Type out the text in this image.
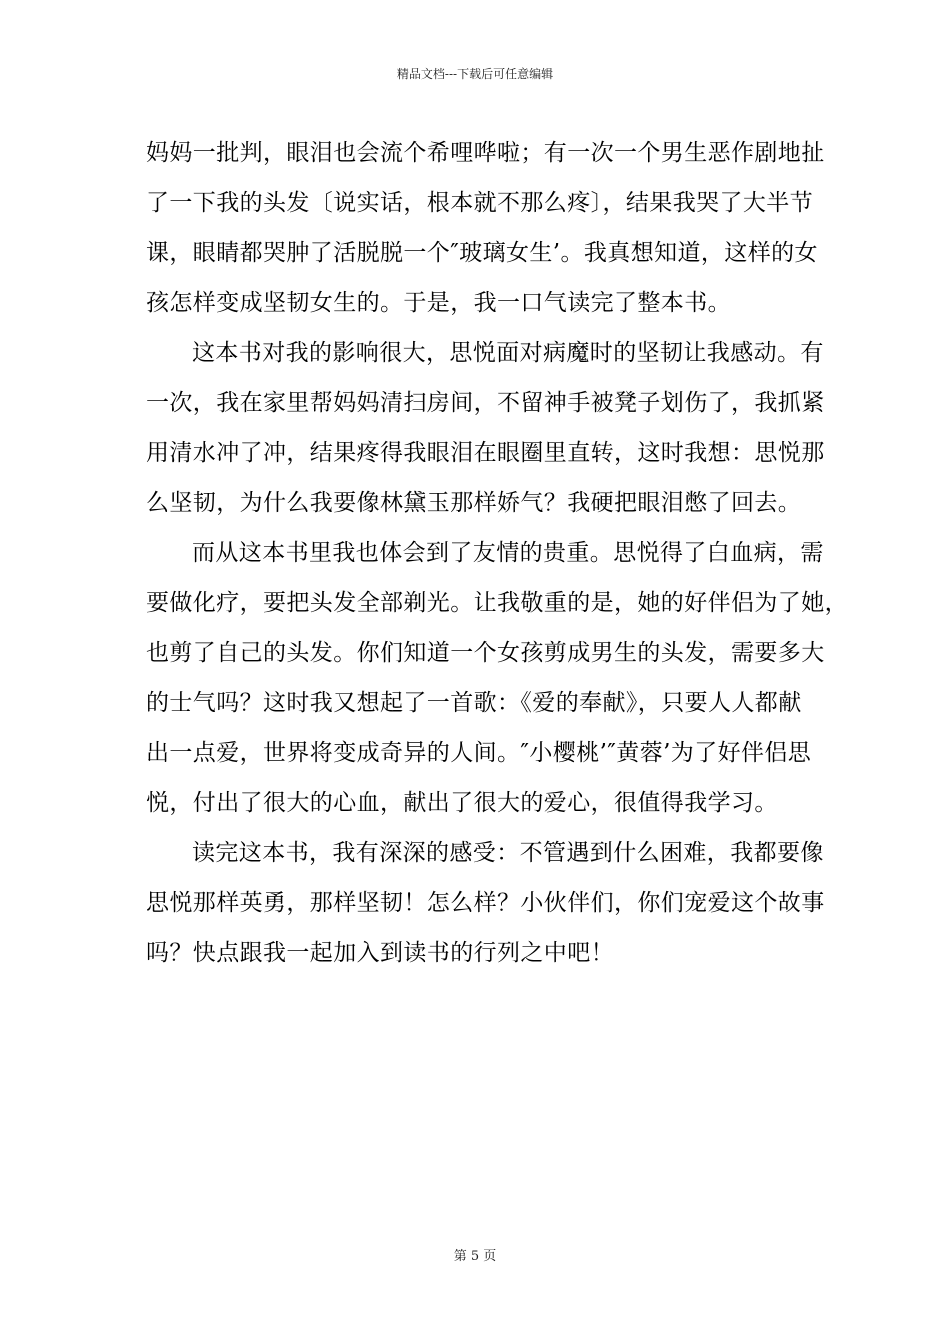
精品文档---下载后可任意编辑
妈妈一批判，眼泪也会流个希哩哗啦；有一次一个男生恶作剧地扯
了一下我的头发〔说实话，根本就不那么疼〕，结果我哭了大半节
课，眼睛都哭肿了活脱脱一个″玻璃女生’。我真想知道，这样的女
孩怎样变成坚韧女生的。于是，我一口气读完了整本书。
这本书对我的影响很大，思悦面对病魔时的坚韧让我感动。有
一次，我在家里帮妈妈清扫房间，不留神手被凳子划伤了，我抓紧
用清水冲了冲，结果疼得我眼泪在眼圈里直转，这时我想：思悦那
么坚韧，为什么我要像林黛玉那样娇气？我硬把眼泪憋了回去。
而从这本书里我也体会到了友情的贵重。思悦得了白血病，需
要做化疗，要把头发全部剃光。让我敬重的是，她的好伴侣为了她，
也剪了自己的头发。你们知道一个女孩剪成男生的头发，需要多大
的士气吗？这时我又想起了一首歌：《爱的奉献》，只要人人都献
出一点爱，世界将变成奇异的人间。″小樱桃’″黄蓉’为了好伴侣思
悦，付出了很大的心血，献出了很大的爱心，很值得我学习。
读完这本书，我有深深的感受：不管遇到什么困难，我都要像
思悦那样英勇，那样坚韧！怎么样？小伙伴们，你们宠爱这个故事
吗？快点跟我一起加入到读书的行列之中吧！
第 5 页
